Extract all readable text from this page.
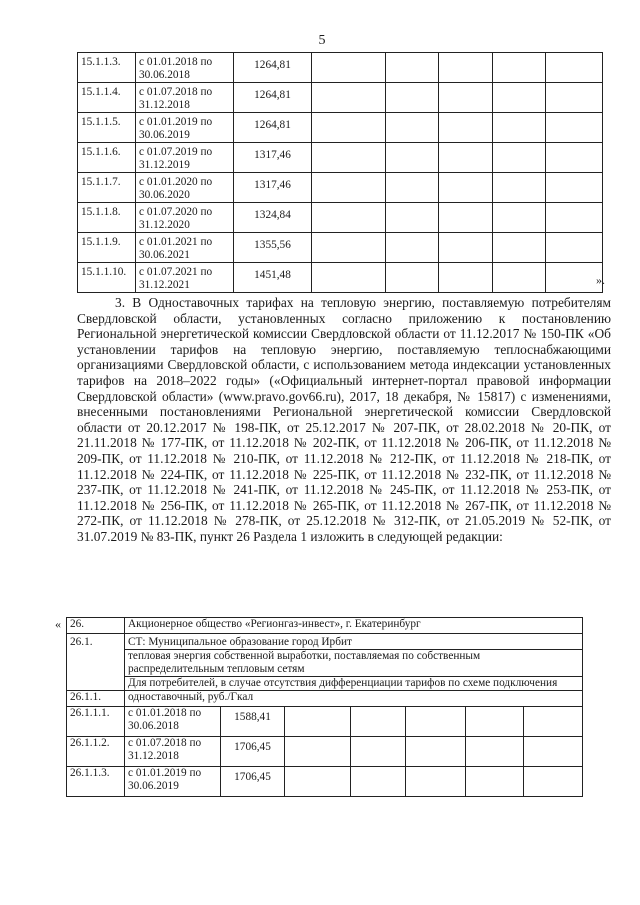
5
15.1.1.3.	с 01.01.2018 по 30.06.2018	1264,81					
15.1.1.4.	с 01.07.2018 по 31.12.2018	1264,81					
15.1.1.5.	с 01.01.2019 по 30.06.2019	1264,81					
15.1.1.6.	с 01.07.2019 по 31.12.2019	1317,46					
15.1.1.7.	с 01.01.2020 по 30.06.2020	1317,46					
15.1.1.8.	с 01.07.2020 по 31.12.2020	1324,84					
15.1.1.9.	с 01.01.2021 по 30.06.2021	1355,56					
15.1.1.10.	с 01.07.2021 по 31.12.2021	1451,48						».

3. В Одноставочных тарифах на тепловую энергию, поставляемую потребителям Свердловской области, установленных согласно приложению к постановлению Региональной энергетической комиссии Свердловской области от 11.12.2017 № 150-ПК «Об установлении тарифов на тепловую энергию, поставляемую теплоснабжающими организациями Свердловской области, с использованием метода индексации установленных тарифов на 2018–2022 годы» («Официальный интернет-портал правовой информации Свердловской области» (www.pravo.gov66.ru), 2017, 18 декабря, № 15817) с изменениями, внесенными постановлениями Региональной энергетической комиссии Свердловской области от 20.12.2017 № 198-ПК, от 25.12.2017 № 207-ПК, от 28.02.2018 № 20-ПК, от 21.11.2018 № 177-ПК, от 11.12.2018 № 202-ПК, от 11.12.2018 № 206-ПК, от 11.12.2018 № 209-ПК, от 11.12.2018 № 210-ПК, от 11.12.2018 № 212-ПК, от 11.12.2018 № 218-ПК, от 11.12.2018 № 224-ПК, от 11.12.2018 № 225-ПК, от 11.12.2018 № 232-ПК, от 11.12.2018 № 237-ПК, от 11.12.2018 № 241-ПК, от 11.12.2018 № 245-ПК, от 11.12.2018 № 253-ПК, от 11.12.2018 № 256-ПК, от 11.12.2018 № 265-ПК, от 11.12.2018 № 267-ПК, от 11.12.2018 № 272-ПК, от 11.12.2018 № 278-ПК, от 25.12.2018 № 312-ПК, от 21.05.2019 № 52-ПК, от 31.07.2019 № 83-ПК, пункт 26 Раздела 1 изложить в следующей редакции:

« 26.	Акционерное общество «Регионгаз-инвест», г. Екатеринбург						
26.1.	СТ: Муниципальное образование город Ирбит						
	тепловая энергия собственной выработки, поставляемая по собственным распределительным тепловым сетям						
	Для потребителей, в случае отсутствия дифференциации тарифов по схеме подключения						
26.1.1.	одноставочный, руб./Гкал						
26.1.1.1.	с 01.01.2018 по 30.06.2018	1588,41					
26.1.1.2.	с 01.07.2018 по 31.12.2018	1706,45					
26.1.1.3.	с 01.01.2019 по 30.06.2019	1706,45					
